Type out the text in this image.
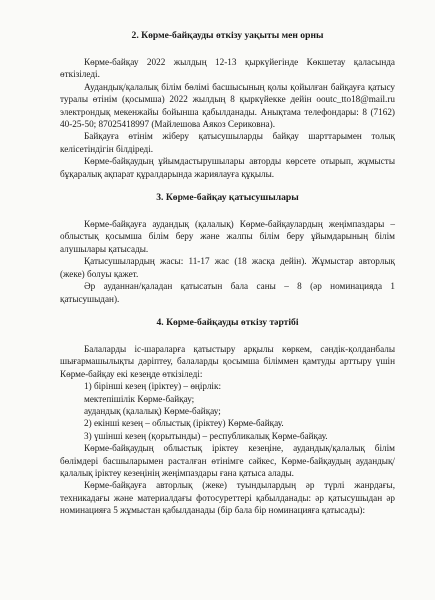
2. Көрме-байқауды өткізу уақыты мен орны

Көрме-байқау 2022 жылдың 12-13 қыркүйегінде Көкшетау қаласында өткізіледі.

Аудандық/қалалық білім бөлімі басшысының қолы қойылған байқауға қатысу туралы өтінім (қосымша) 2022 жылдың 8 қыркүйекке дейін ooutc_tto18@mail.ru электрондық мекенжайы бойынша қабылданады. Анықтама телефондары: 8 (7162) 40-25-50; 87025418997 (Майлешова Аякоз Сериковна).

Байқауға өтінім жіберу қатысушыларды байқау шарттарымен толық келісетіндігін білдіреді.

Көрме-байқаудың ұйымдастырушылары авторды көрсете отырып, жұмысты бұқаралық ақпарат құралдарында жариялауға құқылы.

3. Көрме-байқау қатысушылары

Көрме-байқауға аудандық (қалалық) Көрме-байқаулардың жеңімпаздары – облыстық қосымша білім беру және жалпы білім беру ұйымдарының білім алушылары қатысады.

Қатысушылардың жасы: 11-17 жас (18 жасқа дейін). Жұмыстар авторлық (жеке) болуы қажет.

Әр ауданнан/қаладан қатысатын бала саны – 8 (әр номинацияда 1 қатысушыдан).

4. Көрме-байқауды өткізу тәртібі

Балаларды іс-шараларға қатыстыру арқылы көркем, сәндік-қолданбалы шығармашылықты дәріптеу, балаларды қосымша біліммен қамтуды арттыру үшін Көрме-байқау екі кезеңде өткізіледі:

1) бірінші кезең (іріктеу) – өңірлік:

мектепішілік Көрме-байқау;

аудандық (қалалық) Көрме-байқау;

2) екінші кезең – облыстық (іріктеу) Көрме-байқау.

3) үшінші кезең (қорытынды) – республикалық Көрме-байқау.

Көрме-байқаудың облыстық іріктеу кезеңіне, аудандық/қалалық білім бөлімдері басшыларымен расталған өтінімге сәйкес, Көрме-байқаудың аудандық/қалалық іріктеу кезеңінің жеңімпаздары ғана қатыса алады.

Көрме-байқауға авторлық (жеке) туындылардың әр түрлі жанрдағы, техникадағы және материалдағы фотосуреттері қабылданады: әр қатысушыдан әр номинацияға 5 жұмыстан қабылданады (бір бала бір номинацияға қатысады):
